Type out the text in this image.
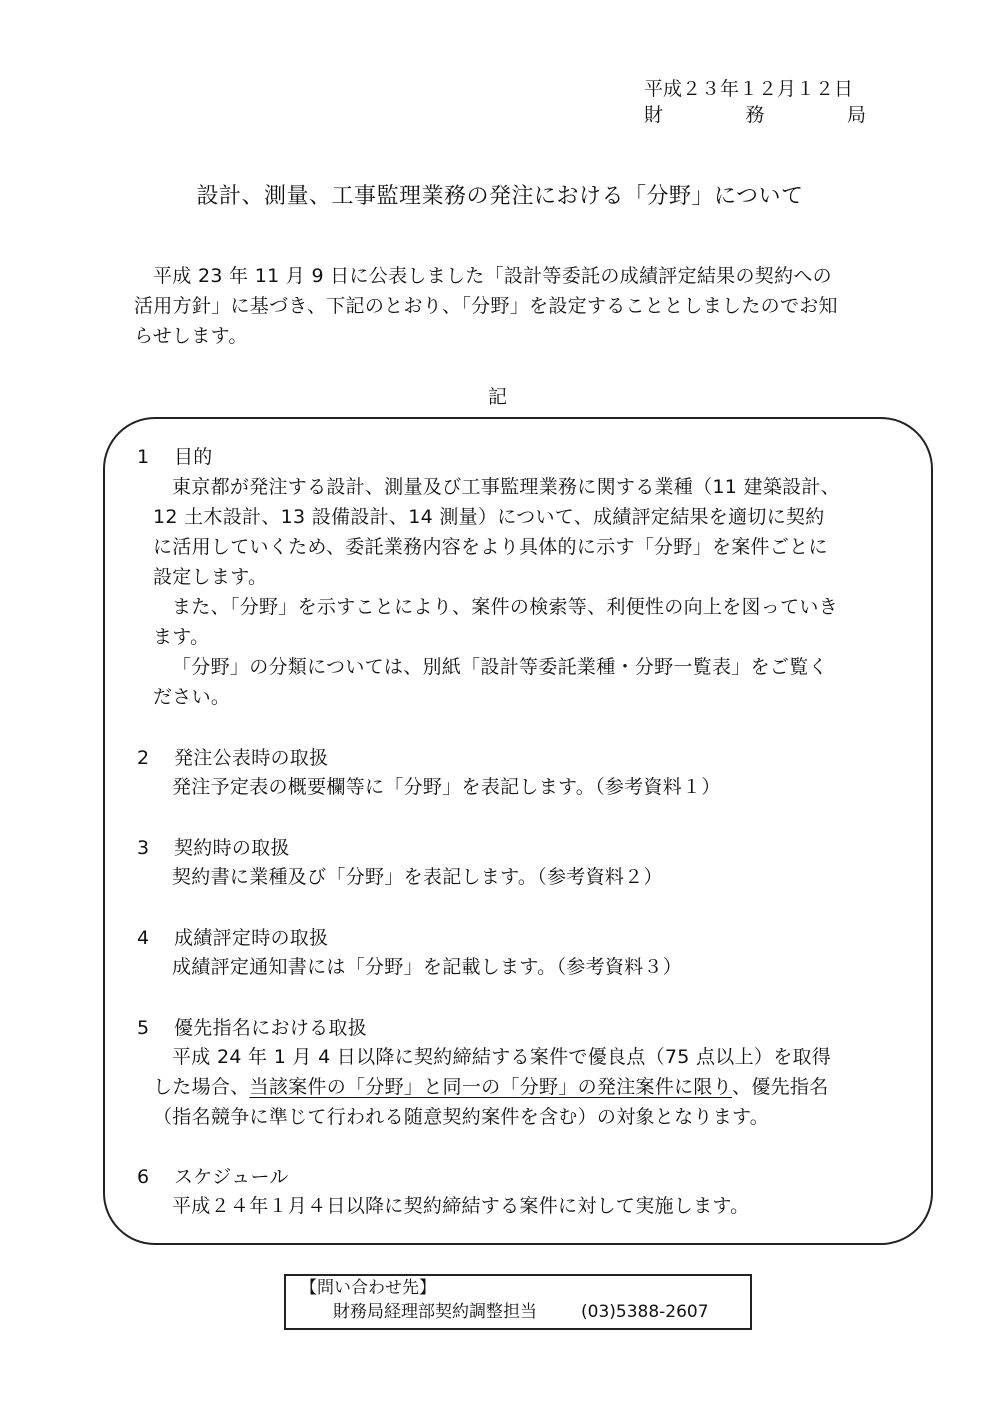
平成２３年１２月１２日
財	務	局
設計、測量、工事監理業務の発注における「分野」について
平成 23 年 11 月 9 日に公表しました「設計等委託の成績評定結果の契約への
活用方針」に基づき、下記のとおり、「分野」を設定することとしましたのでお知
らせします。
記
1 目的
東京都が発注する設計、測量及び工事監理業務に関する業種（11 建築設計、
12 土木設計、13 設備設計、14 測量）について、成績評定結果を適切に契約
に活用していくため、委託業務内容をより具体的に示す「分野」を案件ごとに
設定します。
また、「分野」を示すことにより、案件の検索等、利便性の向上を図っていき
ます。
「分野」の分類については、別紙「設計等委託業種・分野一覧表」をご覧く
ださい。
2 発注公表時の取扱
発注予定表の概要欄等に「分野」を表記します。（参考資料１）
3 契約時の取扱
契約書に業種及び「分野」を表記します。（参考資料２）
4 成績評定時の取扱
成績評定通知書には「分野」を記載します。（参考資料３）
5 優先指名における取扱
平成 24 年 1 月 4 日以降に契約締結する案件で優良点（75 点以上）を取得
した場合、当該案件の「分野」と同一の「分野」の発注案件に限り、優先指名
（指名競争に準じて行われる随意契約案件を含む）の対象となります。
6 スケジュール
平成２４年１月４日以降に契約締結する案件に対して実施します。
【問い合わせ先】
財務局経理部契約調整担当	(03)5388-2607
